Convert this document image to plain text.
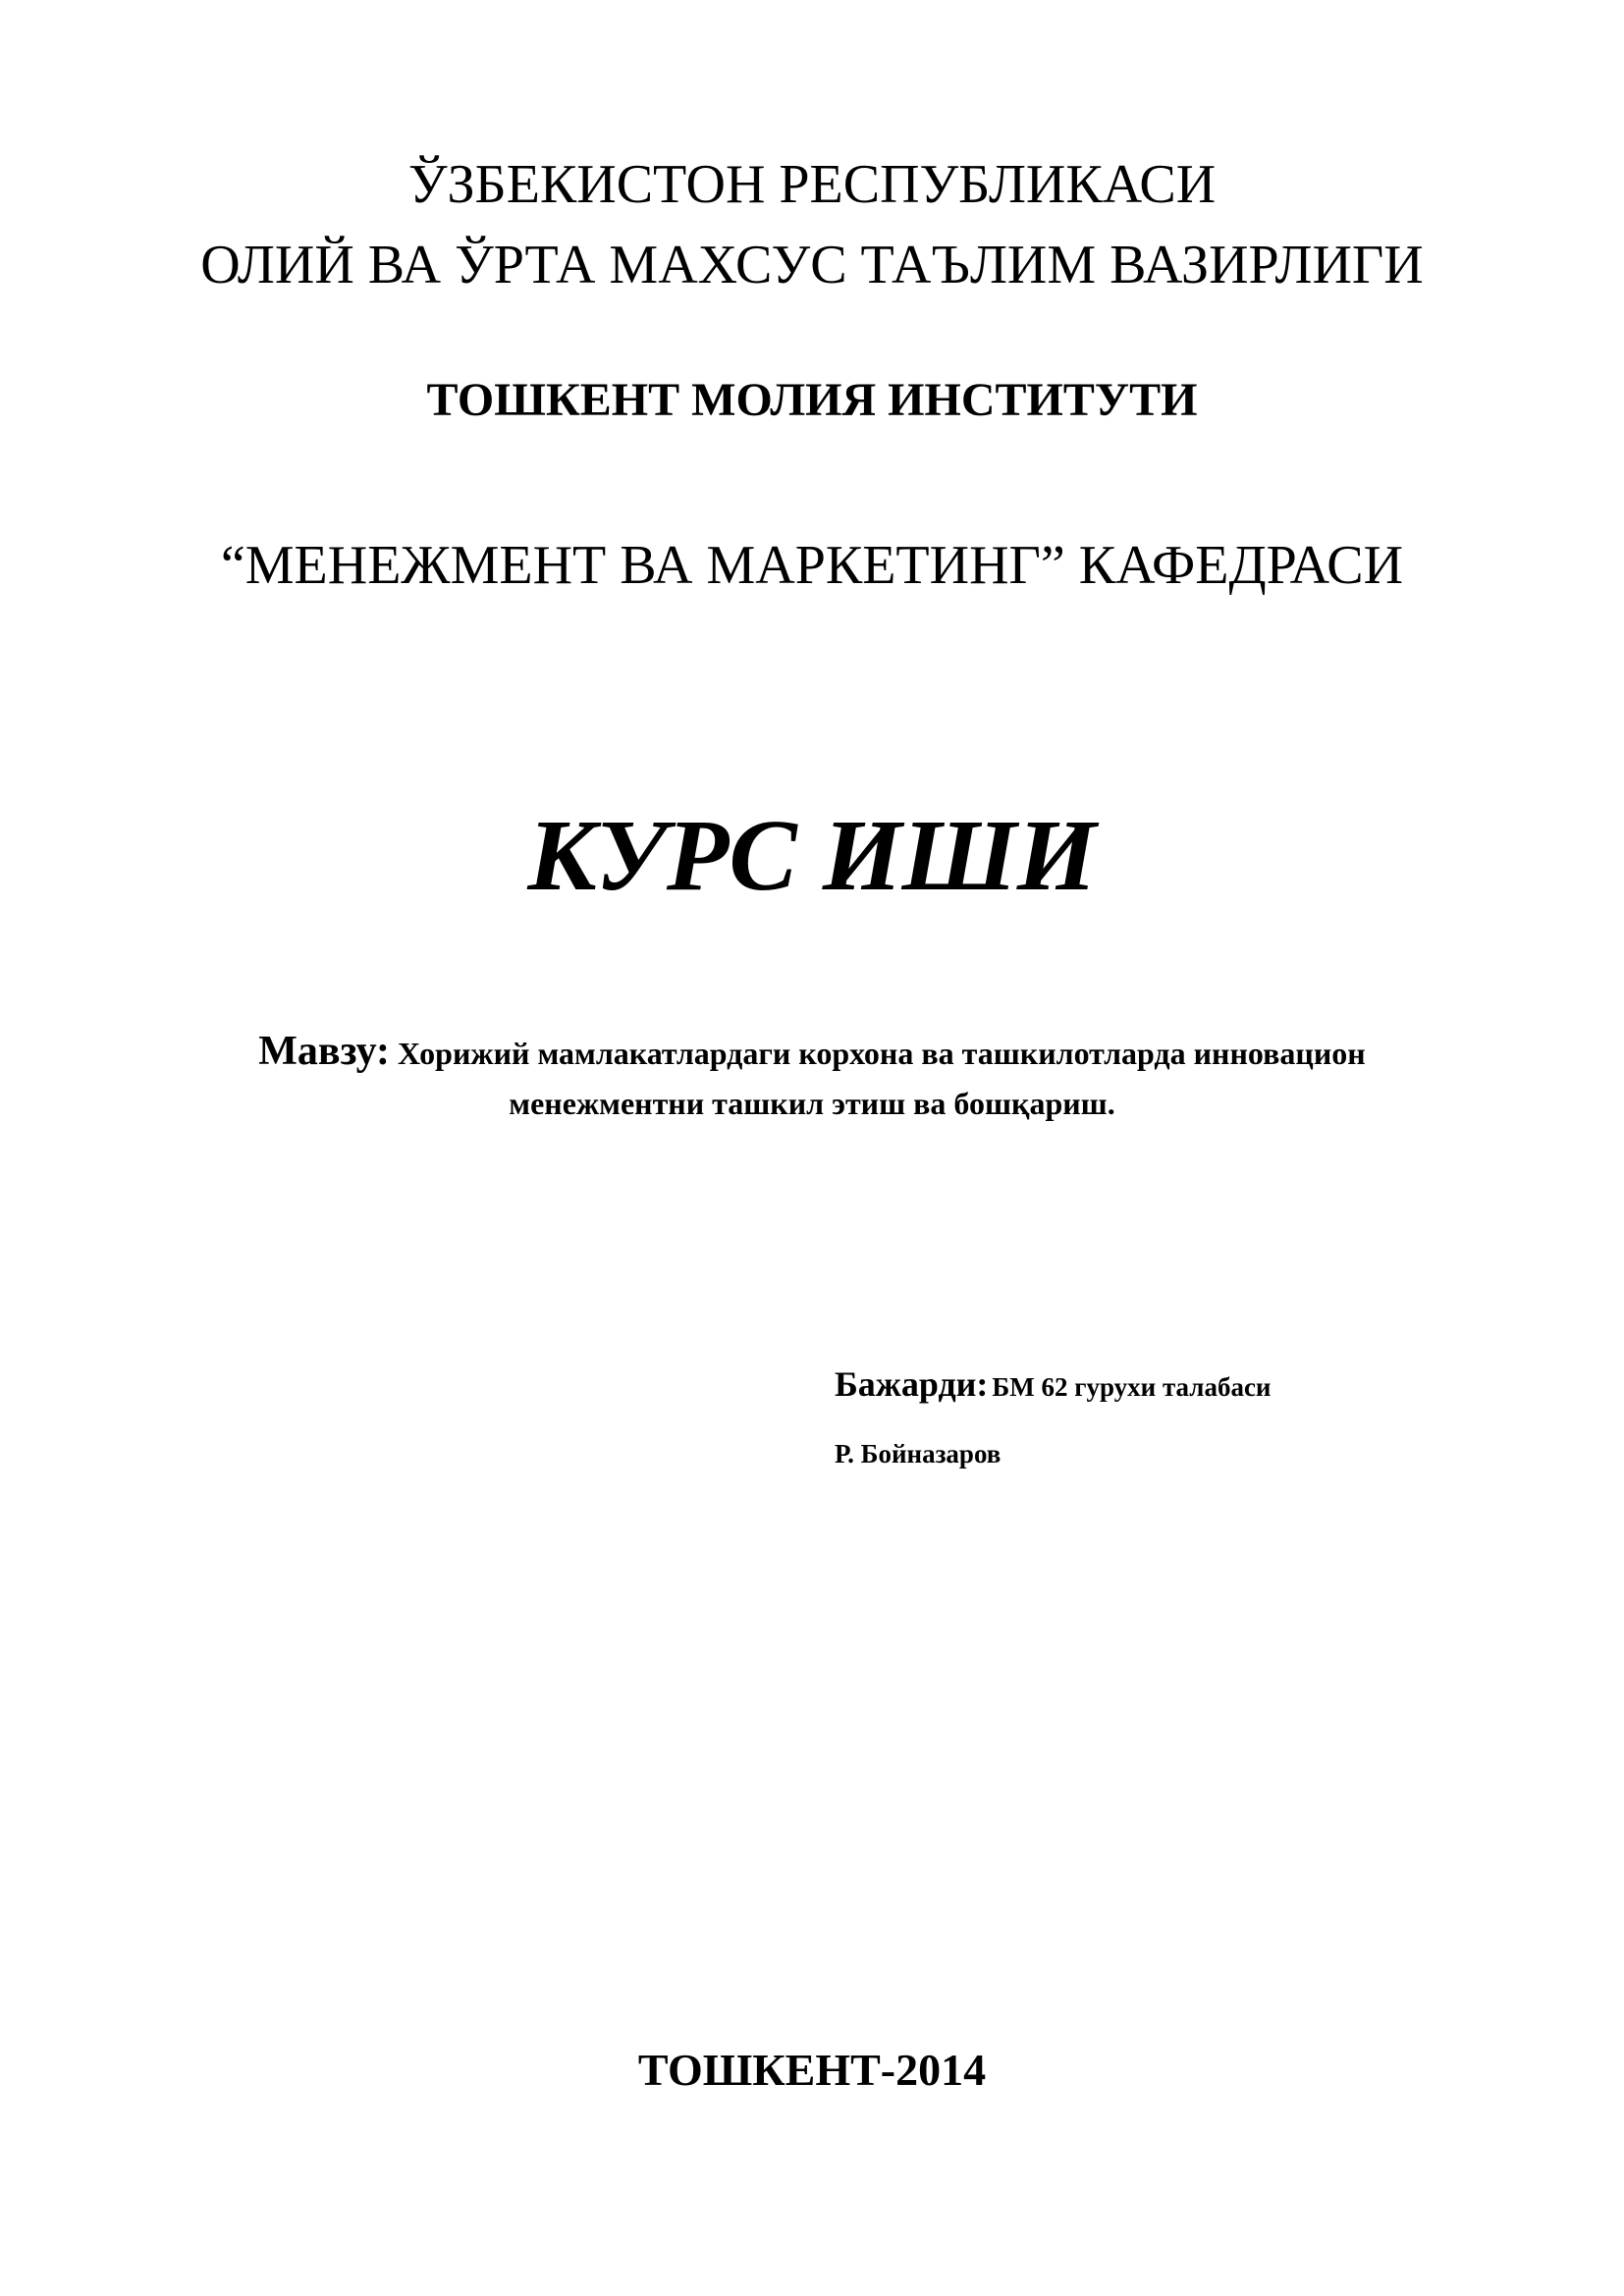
ЎЗБЕКИСТОН РЕСПУБЛИКАСИ
ОЛИЙ ВА ЎРТА МАХСУС ТАЪЛИМ ВАЗИРЛИГИ
ТОШКЕНТ МОЛИЯ ИНСТИТУТИ
“МЕНЕЖМЕНТ ВА МАРКЕТИНГ” КАФЕДРАСИ
КУРС ИШИ
Мавзу: Хорижий мамлакатлардаги корхона ва ташкилотларда инновацион
менежментни ташкил этиш ва бошқариш.
Бажарди: БМ 62 гурухи талабаси
Р. Бойназаров
ТОШКЕНТ-2014
